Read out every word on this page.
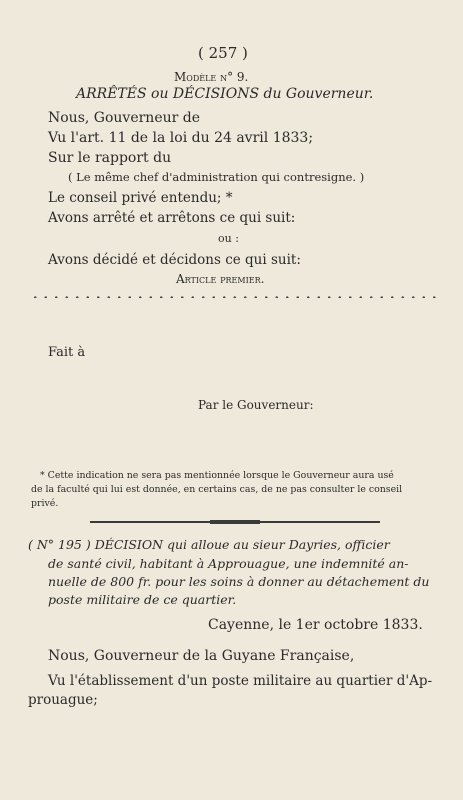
( 257 )
Modèle n° 9.
ARRÊTÉS ou DÉCISIONS du Gouverneur.
Nous, Gouverneur de
Vu l'art. 11 de la loi du 24 avril 1833;
Sur le rapport du
( Le même chef d'administration qui contresigne. )
Le conseil privé entendu; *
Avons arrêté et arrêtons ce qui suit:
ou :
Avons décidé et décidons ce qui suit:
Article premier.
Fait à
Par le Gouverneur:
* Cette indication ne sera pas mentionnée lorsque le Gouverneur aura usé
de la faculté qui lui est donnée, en certains cas, de ne pas consulter le conseil
privé.
( N° 195 ) DÉCISION qui alloue au sieur Dayries, officier
de santé civil, habitant à Approuague, une indemnité an-
nuelle de 800 fr. pour les soins à donner au détachement du
poste militaire de ce quartier.
Cayenne, le 1er octobre 1833.
Nous, Gouverneur de la Guyane Française,
Vu l'établissement d'un poste militaire au quartier d'Ap-
prouague;
